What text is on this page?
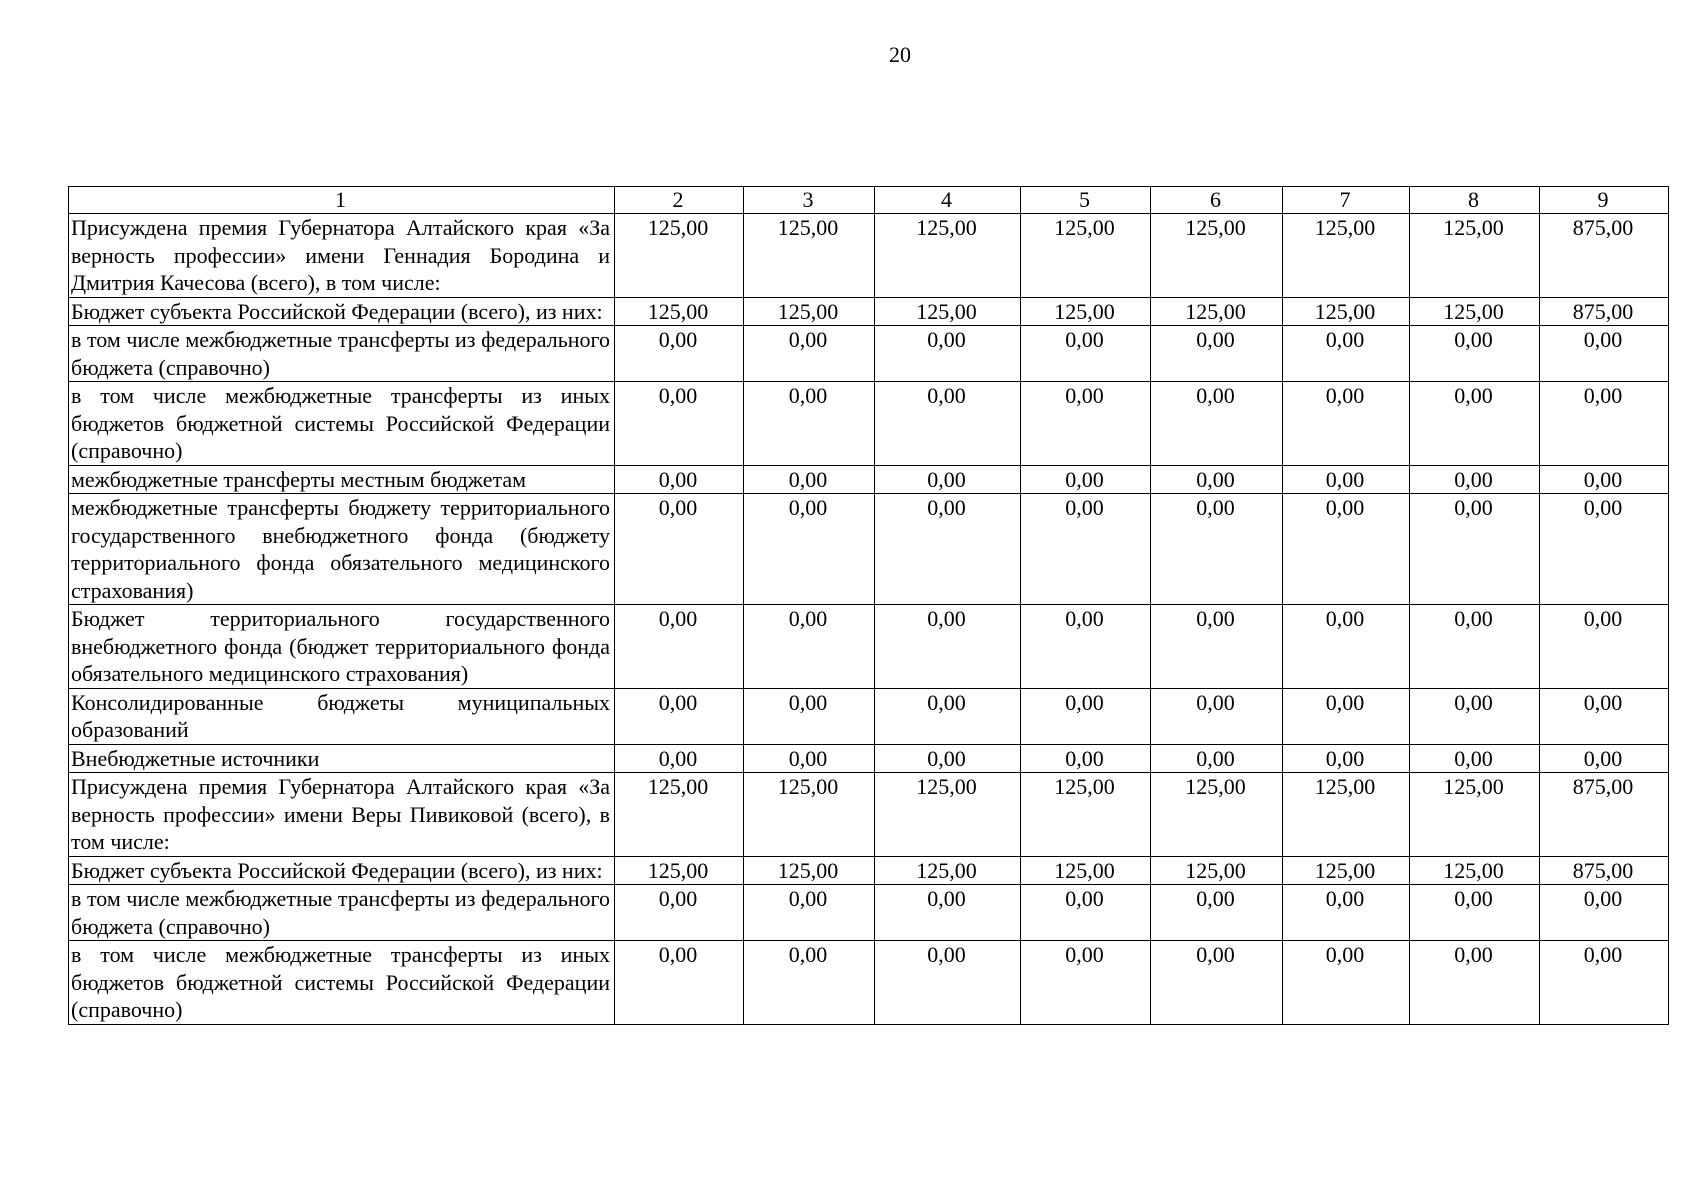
20
1	2	3	4	5	6	7	8	9
Присуждена премия Губернатора Алтайского края «За верность профессии» имени Геннадия Бородина и Дмитрия Качесова (всего), в том числе:	125,00	125,00	125,00	125,00	125,00	125,00	125,00	875,00
Бюджет субъекта Российской Федерации (всего), из них:	125,00	125,00	125,00	125,00	125,00	125,00	125,00	875,00
в том числе межбюджетные трансферты из федерального бюджета (справочно)	0,00	0,00	0,00	0,00	0,00	0,00	0,00	0,00
в том числе межбюджетные трансферты из иных бюджетов бюджетной системы Российской Федерации (справочно)	0,00	0,00	0,00	0,00	0,00	0,00	0,00	0,00
межбюджетные трансферты местным бюджетам	0,00	0,00	0,00	0,00	0,00	0,00	0,00	0,00
межбюджетные трансферты бюджету территориального государственного внебюджетного фонда (бюджету территориального фонда обязательного медицинского страхования)	0,00	0,00	0,00	0,00	0,00	0,00	0,00	0,00
Бюджет территориального государственного внебюджетного фонда (бюджет территориального фонда обязательного медицинского страхования)	0,00	0,00	0,00	0,00	0,00	0,00	0,00	0,00
Консолидированные бюджеты муниципальных образований	0,00	0,00	0,00	0,00	0,00	0,00	0,00	0,00
Внебюджетные источники	0,00	0,00	0,00	0,00	0,00	0,00	0,00	0,00
Присуждена премия Губернатора Алтайского края «За верность профессии» имени Веры Пивиковой (всего), в том числе:	125,00	125,00	125,00	125,00	125,00	125,00	125,00	875,00
Бюджет субъекта Российской Федерации (всего), из них:	125,00	125,00	125,00	125,00	125,00	125,00	125,00	875,00
в том числе межбюджетные трансферты из федерального бюджета (справочно)	0,00	0,00	0,00	0,00	0,00	0,00	0,00	0,00
в том числе межбюджетные трансферты из иных бюджетов бюджетной системы Российской Федерации (справочно)	0,00	0,00	0,00	0,00	0,00	0,00	0,00	0,00
